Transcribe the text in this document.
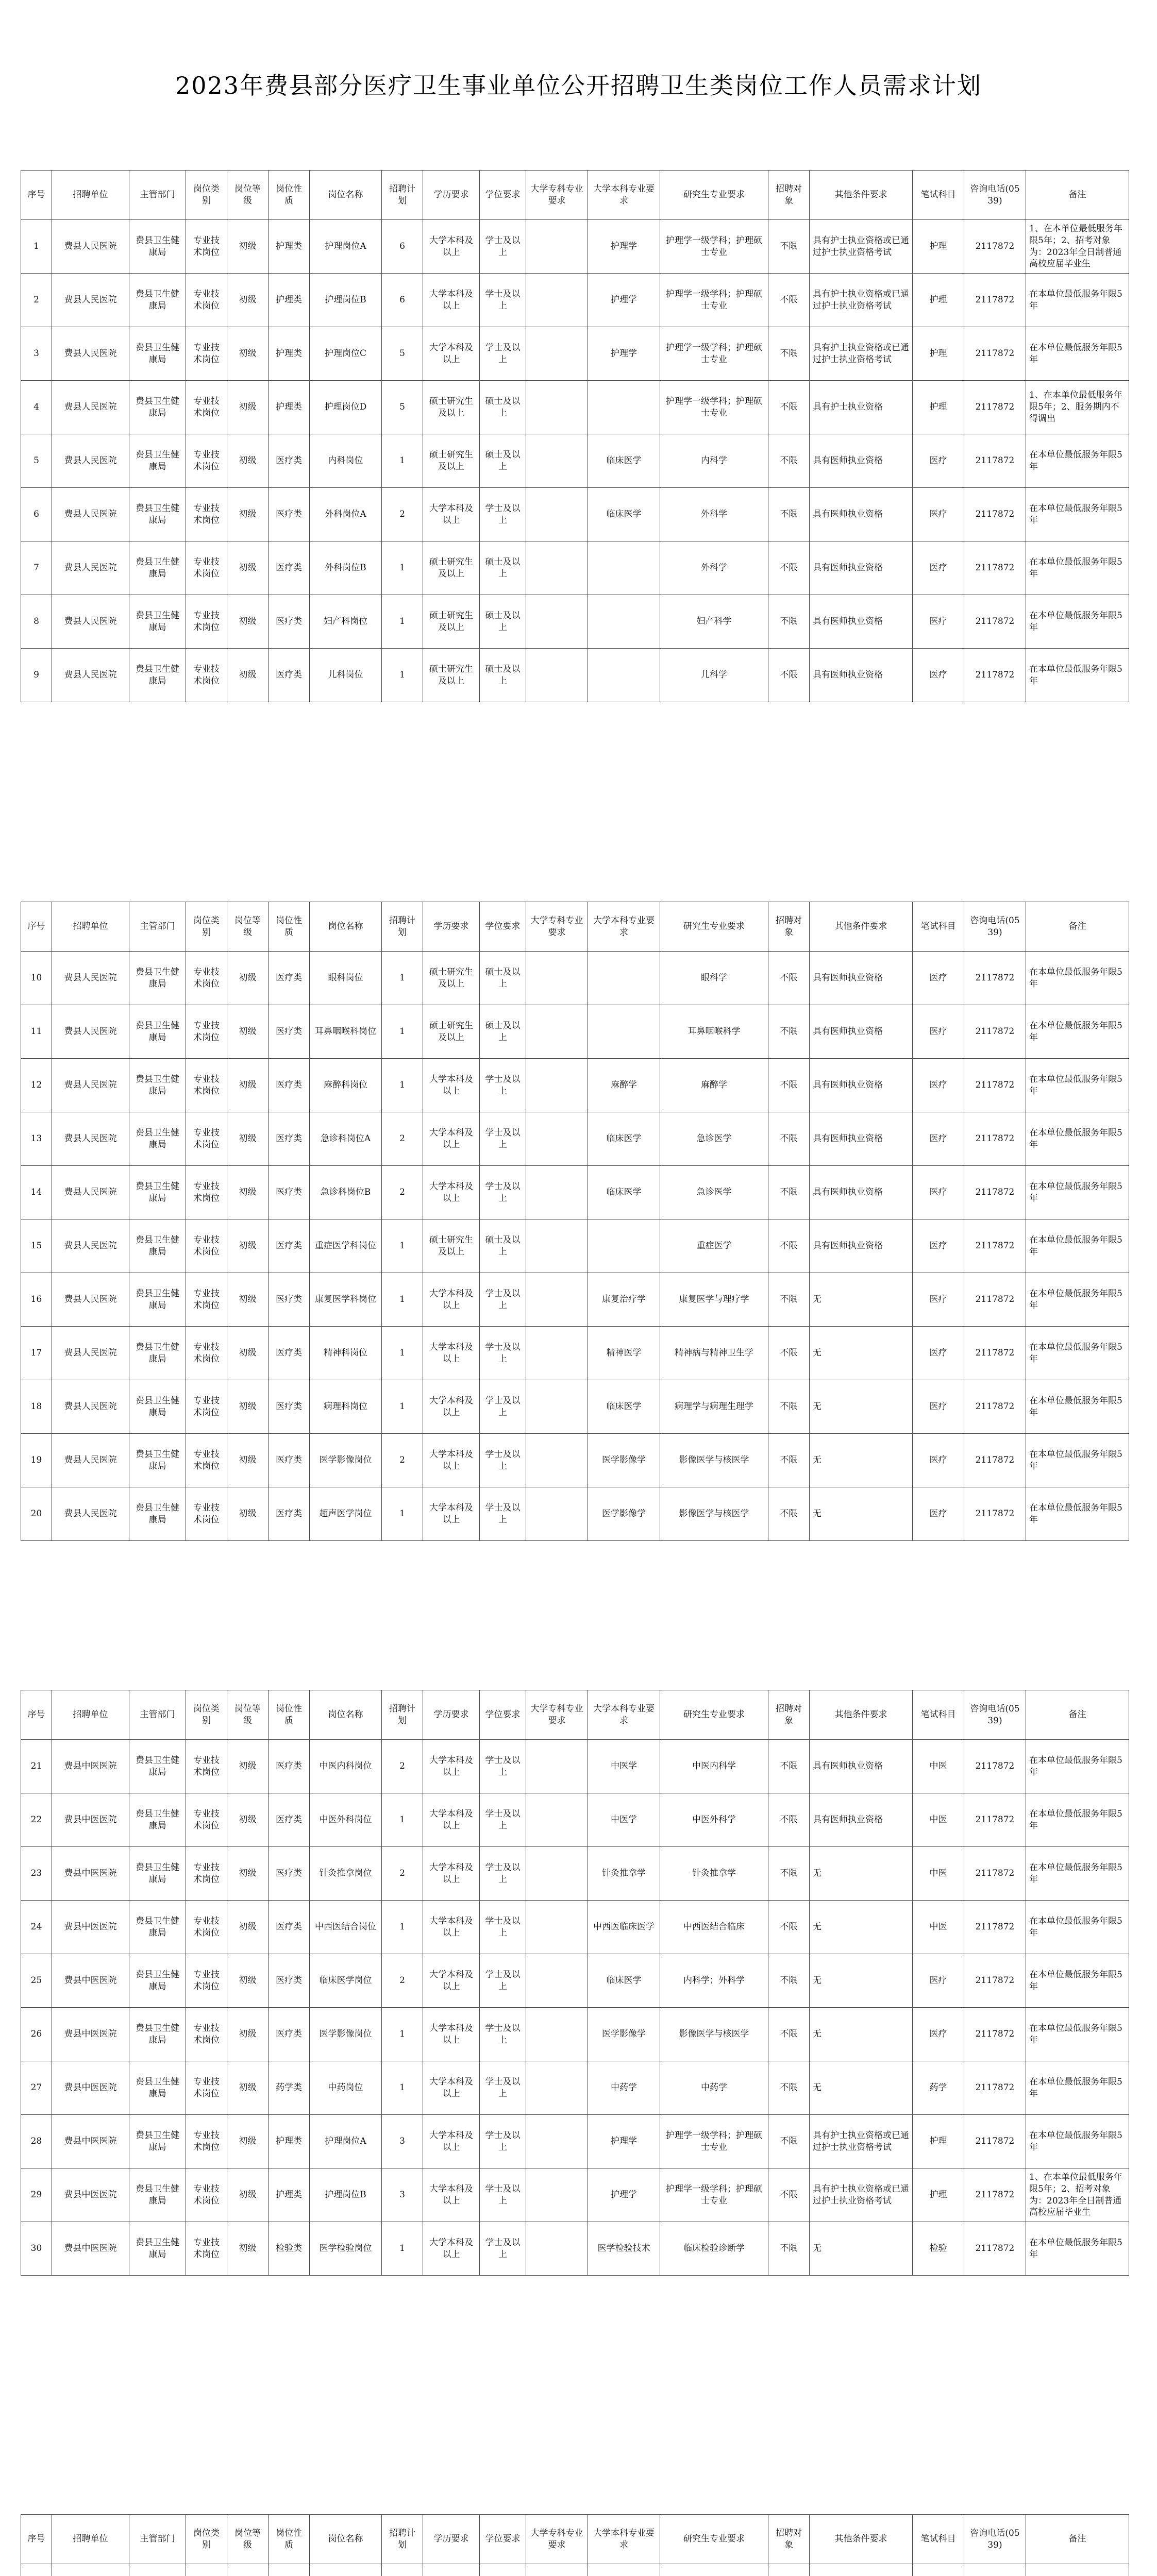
2023年费县部分医疗卫生事业单位公开招聘卫生类岗位工作人员需求计划
序号	招聘单位	主管部门	岗位类别	岗位等级	岗位性质	岗位名称	招聘计划	学历要求	学位要求	大学专科专业要求	大学本科专业要求	研究生专业要求	招聘对象	其他条件要求	笔试科目	咨询电话(0539)	备注
1	费县人民医院	费县卫生健康局	专业技术岗位	初级	护理类	护理岗位A	6	大学本科及以上	学士及以上		护理学	护理学一级学科；护理硕士专业	不限	具有护士执业资格或已通过护士执业资格考试	护理	2117872	1、在本单位最低服务年限5年；2、招考对象为：2023年全日制普通高校应届毕业生
2	费县人民医院	费县卫生健康局	专业技术岗位	初级	护理类	护理岗位B	6	大学本科及以上	学士及以上		护理学	护理学一级学科；护理硕士专业	不限	具有护士执业资格或已通过护士执业资格考试	护理	2117872	在本单位最低服务年限5年
3	费县人民医院	费县卫生健康局	专业技术岗位	初级	护理类	护理岗位C	5	大学本科及以上	学士及以上		护理学	护理学一级学科；护理硕士专业	不限	具有护士执业资格或已通过护士执业资格考试	护理	2117872	在本单位最低服务年限5年
4	费县人民医院	费县卫生健康局	专业技术岗位	初级	护理类	护理岗位D	5	硕士研究生及以上	硕士及以上			护理学一级学科；护理硕士专业	不限	具有护士执业资格	护理	2117872	1、在本单位最低服务年限5年；2、服务期内不得调出
5	费县人民医院	费县卫生健康局	专业技术岗位	初级	医疗类	内科岗位	1	硕士研究生及以上	硕士及以上		临床医学	内科学	不限	具有医师执业资格	医疗	2117872	在本单位最低服务年限5年
6	费县人民医院	费县卫生健康局	专业技术岗位	初级	医疗类	外科岗位A	2	大学本科及以上	学士及以上		临床医学	外科学	不限	具有医师执业资格	医疗	2117872	在本单位最低服务年限5年
7	费县人民医院	费县卫生健康局	专业技术岗位	初级	医疗类	外科岗位B	1	硕士研究生及以上	硕士及以上			外科学	不限	具有医师执业资格	医疗	2117872	在本单位最低服务年限5年
8	费县人民医院	费县卫生健康局	专业技术岗位	初级	医疗类	妇产科岗位	1	硕士研究生及以上	硕士及以上			妇产科学	不限	具有医师执业资格	医疗	2117872	在本单位最低服务年限5年
9	费县人民医院	费县卫生健康局	专业技术岗位	初级	医疗类	儿科岗位	1	硕士研究生及以上	硕士及以上			儿科学	不限	具有医师执业资格	医疗	2117872	在本单位最低服务年限5年
序号	招聘单位	主管部门	岗位类别	岗位等级	岗位性质	岗位名称	招聘计划	学历要求	学位要求	大学专科专业要求	大学本科专业要求	研究生专业要求	招聘对象	其他条件要求	笔试科目	咨询电话(0539)	备注
10	费县人民医院	费县卫生健康局	专业技术岗位	初级	医疗类	眼科岗位	1	硕士研究生及以上	硕士及以上			眼科学	不限	具有医师执业资格	医疗	2117872	在本单位最低服务年限5年
11	费县人民医院	费县卫生健康局	专业技术岗位	初级	医疗类	耳鼻咽喉科岗位	1	硕士研究生及以上	硕士及以上			耳鼻咽喉科学	不限	具有医师执业资格	医疗	2117872	在本单位最低服务年限5年
12	费县人民医院	费县卫生健康局	专业技术岗位	初级	医疗类	麻醉科岗位	1	大学本科及以上	学士及以上		麻醉学	麻醉学	不限	具有医师执业资格	医疗	2117872	在本单位最低服务年限5年
13	费县人民医院	费县卫生健康局	专业技术岗位	初级	医疗类	急诊科岗位A	2	大学本科及以上	学士及以上		临床医学	急诊医学	不限	具有医师执业资格	医疗	2117872	在本单位最低服务年限5年
14	费县人民医院	费县卫生健康局	专业技术岗位	初级	医疗类	急诊科岗位B	2	大学本科及以上	学士及以上		临床医学	急诊医学	不限	具有医师执业资格	医疗	2117872	在本单位最低服务年限5年
15	费县人民医院	费县卫生健康局	专业技术岗位	初级	医疗类	重症医学科岗位	1	硕士研究生及以上	硕士及以上			重症医学	不限	具有医师执业资格	医疗	2117872	在本单位最低服务年限5年
16	费县人民医院	费县卫生健康局	专业技术岗位	初级	医疗类	康复医学科岗位	1	大学本科及以上	学士及以上		康复治疗学	康复医学与理疗学	不限	无	医疗	2117872	在本单位最低服务年限5年
17	费县人民医院	费县卫生健康局	专业技术岗位	初级	医疗类	精神科岗位	1	大学本科及以上	学士及以上		精神医学	精神病与精神卫生学	不限	无	医疗	2117872	在本单位最低服务年限5年
18	费县人民医院	费县卫生健康局	专业技术岗位	初级	医疗类	病理科岗位	1	大学本科及以上	学士及以上		临床医学	病理学与病理生理学	不限	无	医疗	2117872	在本单位最低服务年限5年
19	费县人民医院	费县卫生健康局	专业技术岗位	初级	医疗类	医学影像岗位	2	大学本科及以上	学士及以上		医学影像学	影像医学与核医学	不限	无	医疗	2117872	在本单位最低服务年限5年
20	费县人民医院	费县卫生健康局	专业技术岗位	初级	医疗类	超声医学岗位	1	大学本科及以上	学士及以上		医学影像学	影像医学与核医学	不限	无	医疗	2117872	在本单位最低服务年限5年
序号	招聘单位	主管部门	岗位类别	岗位等级	岗位性质	岗位名称	招聘计划	学历要求	学位要求	大学专科专业要求	大学本科专业要求	研究生专业要求	招聘对象	其他条件要求	笔试科目	咨询电话(0539)	备注
21	费县中医医院	费县卫生健康局	专业技术岗位	初级	医疗类	中医内科岗位	2	大学本科及以上	学士及以上		中医学	中医内科学	不限	具有医师执业资格	中医	2117872	在本单位最低服务年限5年
22	费县中医医院	费县卫生健康局	专业技术岗位	初级	医疗类	中医外科岗位	1	大学本科及以上	学士及以上		中医学	中医外科学	不限	具有医师执业资格	中医	2117872	在本单位最低服务年限5年
23	费县中医医院	费县卫生健康局	专业技术岗位	初级	医疗类	针灸推拿岗位	2	大学本科及以上	学士及以上		针灸推拿学	针灸推拿学	不限	无	中医	2117872	在本单位最低服务年限5年
24	费县中医医院	费县卫生健康局	专业技术岗位	初级	医疗类	中西医结合岗位	1	大学本科及以上	学士及以上		中西医临床医学	中西医结合临床	不限	无	中医	2117872	在本单位最低服务年限5年
25	费县中医医院	费县卫生健康局	专业技术岗位	初级	医疗类	临床医学岗位	2	大学本科及以上	学士及以上		临床医学	内科学；外科学	不限	无	医疗	2117872	在本单位最低服务年限5年
26	费县中医医院	费县卫生健康局	专业技术岗位	初级	医疗类	医学影像岗位	1	大学本科及以上	学士及以上		医学影像学	影像医学与核医学	不限	无	医疗	2117872	在本单位最低服务年限5年
27	费县中医医院	费县卫生健康局	专业技术岗位	初级	药学类	中药岗位	1	大学本科及以上	学士及以上		中药学	中药学	不限	无	药学	2117872	在本单位最低服务年限5年
28	费县中医医院	费县卫生健康局	专业技术岗位	初级	护理类	护理岗位A	3	大学本科及以上	学士及以上		护理学	护理学一级学科；护理硕士专业	不限	具有护士执业资格或已通过护士执业资格考试	护理	2117872	在本单位最低服务年限5年
29	费县中医医院	费县卫生健康局	专业技术岗位	初级	护理类	护理岗位B	3	大学本科及以上	学士及以上		护理学	护理学一级学科；护理硕士专业	不限	具有护士执业资格或已通过护士执业资格考试	护理	2117872	1、在本单位最低服务年限5年；2、招考对象为：2023年全日制普通高校应届毕业生
30	费县中医医院	费县卫生健康局	专业技术岗位	初级	检验类	医学检验岗位	1	大学本科及以上	学士及以上		医学检验技术	临床检验诊断学	不限	无	检验	2117872	在本单位最低服务年限5年
序号	招聘单位	主管部门	岗位类别	岗位等级	岗位性质	岗位名称	招聘计划	学历要求	学位要求	大学专科专业要求	大学本科专业要求	研究生专业要求	招聘对象	其他条件要求	笔试科目	咨询电话(0539)	备注
